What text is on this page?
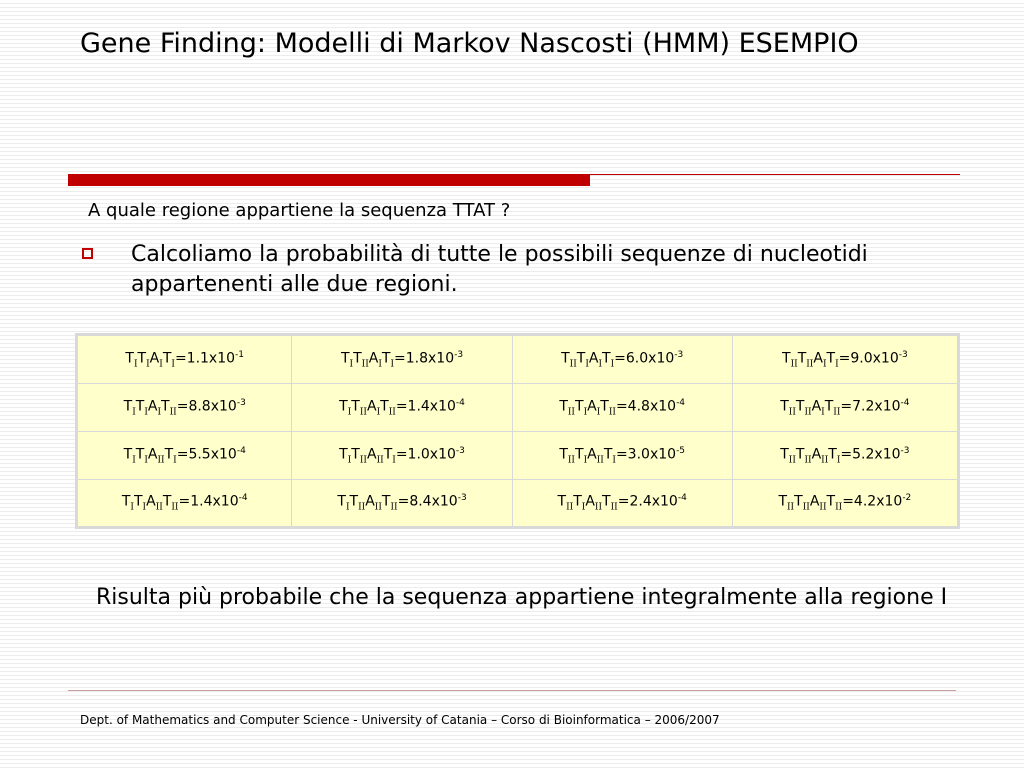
Gene Finding: Modelli di Markov Nascosti (HMM) ESEMPIO
A quale regione appartiene la sequenza TTAT ?
Calcoliamo la probabilità di tutte le possibili sequenze di nucleotidi appartenenti alle due regioni.
$T_IT_IA_IT_I=1.1x10^{-1}$	$T_IT_{II}A_IT_I=1.8x10^{-3}$	$T_{II}T_IA_IT_I=6.0x10^{-3}$	$T_{II}T_{II}A_IT_I=9.0x10^{-3}$
$T_IT_IA_IT_{II}=8.8x10^{-3}$	$T_IT_{II}A_IT_{II}=1.4x10^{-4}$	$T_{II}T_IA_IT_{II}=4.8x10^{-4}$	$T_{II}T_{II}A_IT_{II}=7.2x10^{-4}$
$T_IT_IA_{II}T_I=5.5x10^{-4}$	$T_IT_{II}A_{II}T_I=1.0x10^{-3}$	$T_{II}T_IA_{II}T_I=3.0x10^{-5}$	$T_{II}T_{II}A_{II}T_I=5.2x10^{-3}$
$T_IT_IA_{II}T_{II}=1.4x10^{-4}$	$T_IT_{II}A_{II}T_{II}=8.4x10^{-3}$	$T_{II}T_IA_{II}T_{II}=2.4x10^{-4}$	$T_{II}T_{II}A_{II}T_{II}=4.2x10^{-2}$
Risulta più probabile che la sequenza appartiene integralmente alla regione I
Dept. of Mathematics and Computer Science - University of Catania – Corso di Bioinformatica – 2006/2007
